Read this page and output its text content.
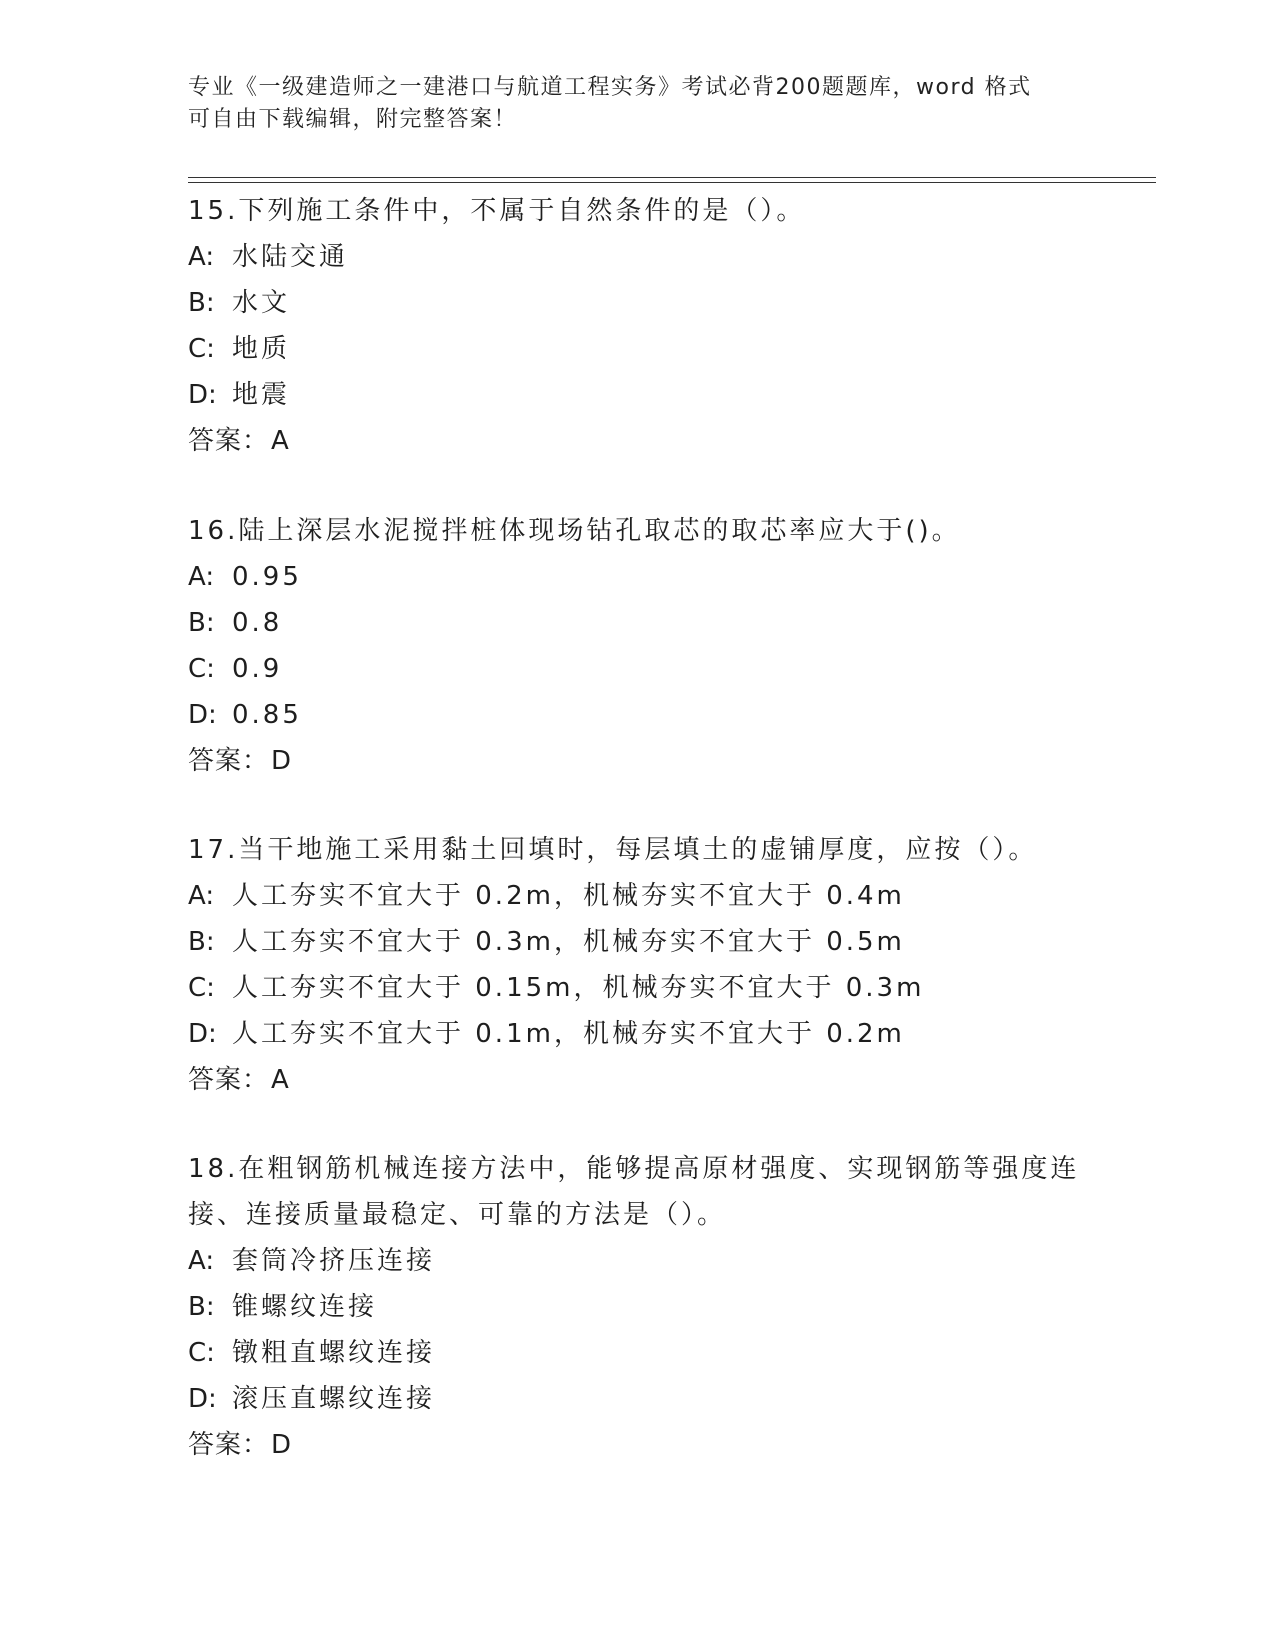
专业《一级建造师之一建港口与航道工程实务》考试必背200题题库，word 格式
可自由下载编辑，附完整答案！
15.下列施工条件中，不属于自然条件的是（）。
A: 水陆交通
B: 水文
C: 地质
D: 地震
答案：A
16.陆上深层水泥搅拌桩体现场钻孔取芯的取芯率应大于()。
A: 0.95
B: 0.8
C: 0.9
D: 0.85
答案：D
17.当干地施工采用黏土回填时，每层填土的虚铺厚度，应按（）。
A: 人工夯实不宜大于 0.2m，机械夯实不宜大于 0.4m
B: 人工夯实不宜大于 0.3m，机械夯实不宜大于 0.5m
C: 人工夯实不宜大于 0.15m，机械夯实不宜大于 0.3m
D: 人工夯实不宜大于 0.1m，机械夯实不宜大于 0.2m
答案：A
18.在粗钢筋机械连接方法中，能够提高原材强度、实现钢筋等强度连
接、连接质量最稳定、可靠的方法是（）。
A: 套筒冷挤压连接
B: 锥螺纹连接
C: 镦粗直螺纹连接
D: 滚压直螺纹连接
答案：D
